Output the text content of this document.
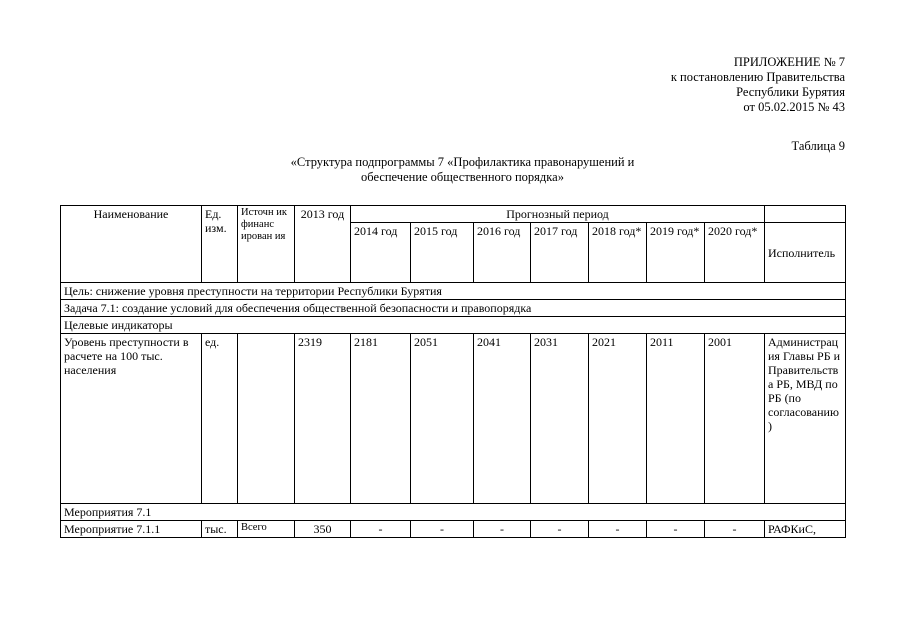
ПРИЛОЖЕНИЕ № 7
к постановлению Правительства
Республики Бурятия
от 05.02.2015 № 43
Таблица 9
«Структура подпрограммы 7 «Профилактика правонарушений и
обеспечение общественного порядка»
Наименование	Ед. изм.	Источн ик финанс ирован ия	2013 год	Прогнозный период							
				2014 год	2015 год	2016 год	2017 год	2018 год*	2019 год*	2020 год*	Исполнитель
Цель: снижение уровня преступности на территории Республики Бурятия											
Задача 7.1: создание условий для обеспечения общественной безопасности и правопорядка											
Целевые индикаторы											
Уровень преступности в расчете на 100 тыс. населения	ед.		2319	2181	2051	2041	2031	2021	2011	2001	Администрация Главы РБ и Правительства РБ, МВД по РБ (по согласованию)
Мероприятия 7.1											
Мероприятие 7.1.1	тыс.	Всего	350	-	-	-	-	-	-	-	РАФКиС,
